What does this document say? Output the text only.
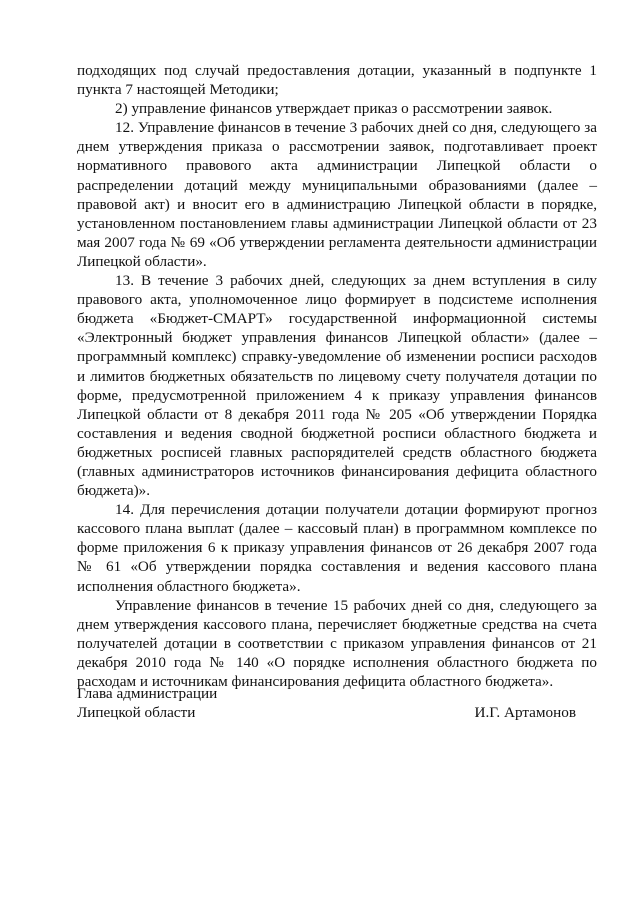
подходящих под случай предоставления дотации, указанный в подпункте 1 пункта 7 настоящей Методики;

2) управление финансов утверждает приказ о рассмотрении заявок.

12. Управление финансов в течение 3 рабочих дней со дня, следующего за днем утверждения приказа о рассмотрении заявок, подготавливает проект нормативного правового акта администрации Липецкой области о распределении дотаций между муниципальными образованиями (далее – правовой акт) и вносит его в администрацию Липецкой области в порядке, установленном постановлением главы администрации Липецкой области от 23 мая 2007 года № 69 «Об утверждении регламента деятельности администрации Липецкой области».

13. В течение 3 рабочих дней, следующих за днем вступления в силу правового акта, уполномоченное лицо формирует в подсистеме исполнения бюджета «Бюджет-СМАРТ» государственной информационной системы «Электронный бюджет управления финансов Липецкой области» (далее – программный комплекс) справку-уведомление об изменении росписи расходов и лимитов бюджетных обязательств по лицевому счету получателя дотации по форме, предусмотренной приложением 4 к приказу управления финансов Липецкой области от 8 декабря 2011 года № 205 «Об утверждении Порядка составления и ведения сводной бюджетной росписи областного бюджета и бюджетных росписей главных распорядителей средств областного бюджета (главных администраторов источников финансирования дефицита областного бюджета)».

14. Для перечисления дотации получатели дотации формируют прогноз кассового плана выплат (далее – кассовый план) в программном комплексе по форме приложения 6 к приказу управления финансов от 26 декабря 2007 года № 61 «Об утверждении порядка составления и ведения кассового плана исполнения областного бюджета».

Управление финансов в течение 15 рабочих дней со дня, следующего за днем утверждения кассового плана, перечисляет бюджетные средства на счета получателей дотации в соответствии с приказом управления финансов от 21 декабря 2010 года № 140 «О порядке исполнения областного бюджета по расходам и источникам финансирования дефицита областного бюджета».

Глава администрации
Липецкой области	И.Г. Артамонов
